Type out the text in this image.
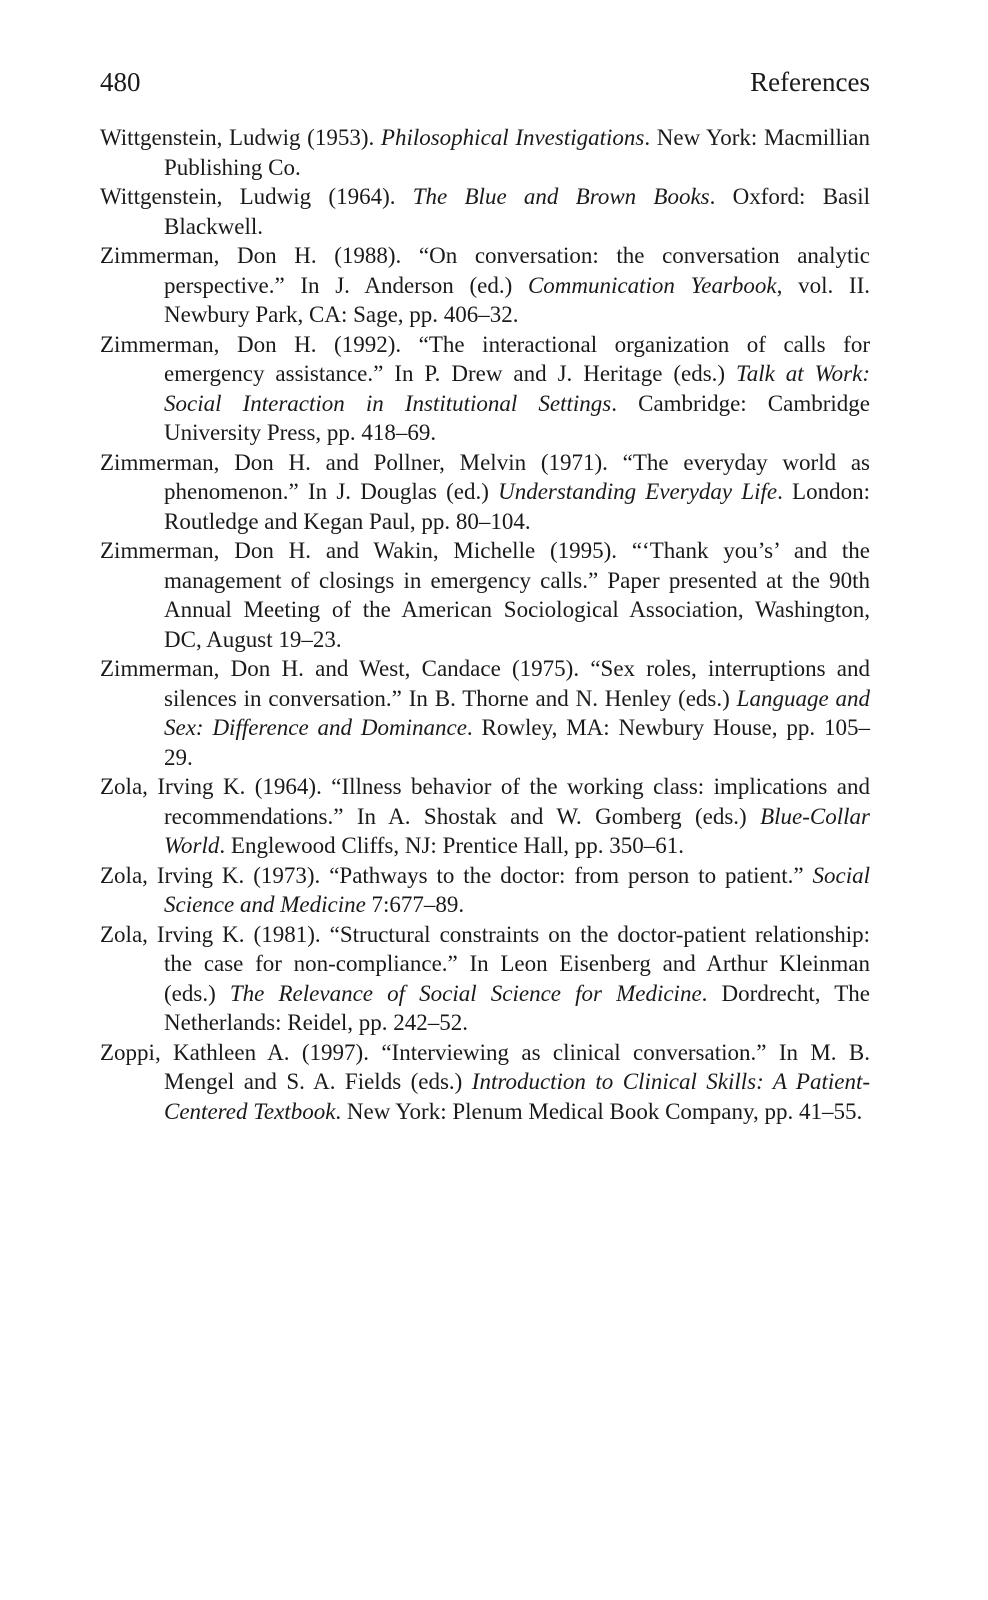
480	References
Wittgenstein, Ludwig (1953). Philosophical Investigations. New York: Macmillian Publishing Co.
Wittgenstein, Ludwig (1964). The Blue and Brown Books. Oxford: Basil Blackwell.
Zimmerman, Don H. (1988). “On conversation: the conversation analytic perspective.” In J. Anderson (ed.) Communication Yearbook, vol. II. Newbury Park, CA: Sage, pp. 406–32.
Zimmerman, Don H. (1992). “The interactional organization of calls for emergency assistance.” In P. Drew and J. Heritage (eds.) Talk at Work: Social Interaction in Institutional Settings. Cambridge: Cambridge University Press, pp. 418–69.
Zimmerman, Don H. and Pollner, Melvin (1971). “The everyday world as phenomenon.” In J. Douglas (ed.) Understanding Everyday Life. London: Routledge and Kegan Paul, pp. 80–104.
Zimmerman, Don H. and Wakin, Michelle (1995). “‘Thank you’s’ and the management of closings in emergency calls.” Paper presented at the 90th Annual Meeting of the American Sociological Association, Washington, DC, August 19–23.
Zimmerman, Don H. and West, Candace (1975). “Sex roles, interruptions and silences in conversation.” In B. Thorne and N. Henley (eds.) Language and Sex: Difference and Dominance. Rowley, MA: Newbury House, pp. 105–29.
Zola, Irving K. (1964). “Illness behavior of the working class: implications and recommendations.” In A. Shostak and W. Gomberg (eds.) Blue-Collar World. Englewood Cliffs, NJ: Prentice Hall, pp. 350–61.
Zola, Irving K. (1973). “Pathways to the doctor: from person to patient.” Social Science and Medicine 7:677–89.
Zola, Irving K. (1981). “Structural constraints on the doctor-patient relationship: the case for non-compliance.” In Leon Eisenberg and Arthur Kleinman (eds.) The Relevance of Social Science for Medicine. Dordrecht, The Netherlands: Reidel, pp. 242–52.
Zoppi, Kathleen A. (1997). “Interviewing as clinical conversation.” In M. B. Mengel and S. A. Fields (eds.) Introduction to Clinical Skills: A Patient-Centered Textbook. New York: Plenum Medical Book Company, pp. 41–55.
